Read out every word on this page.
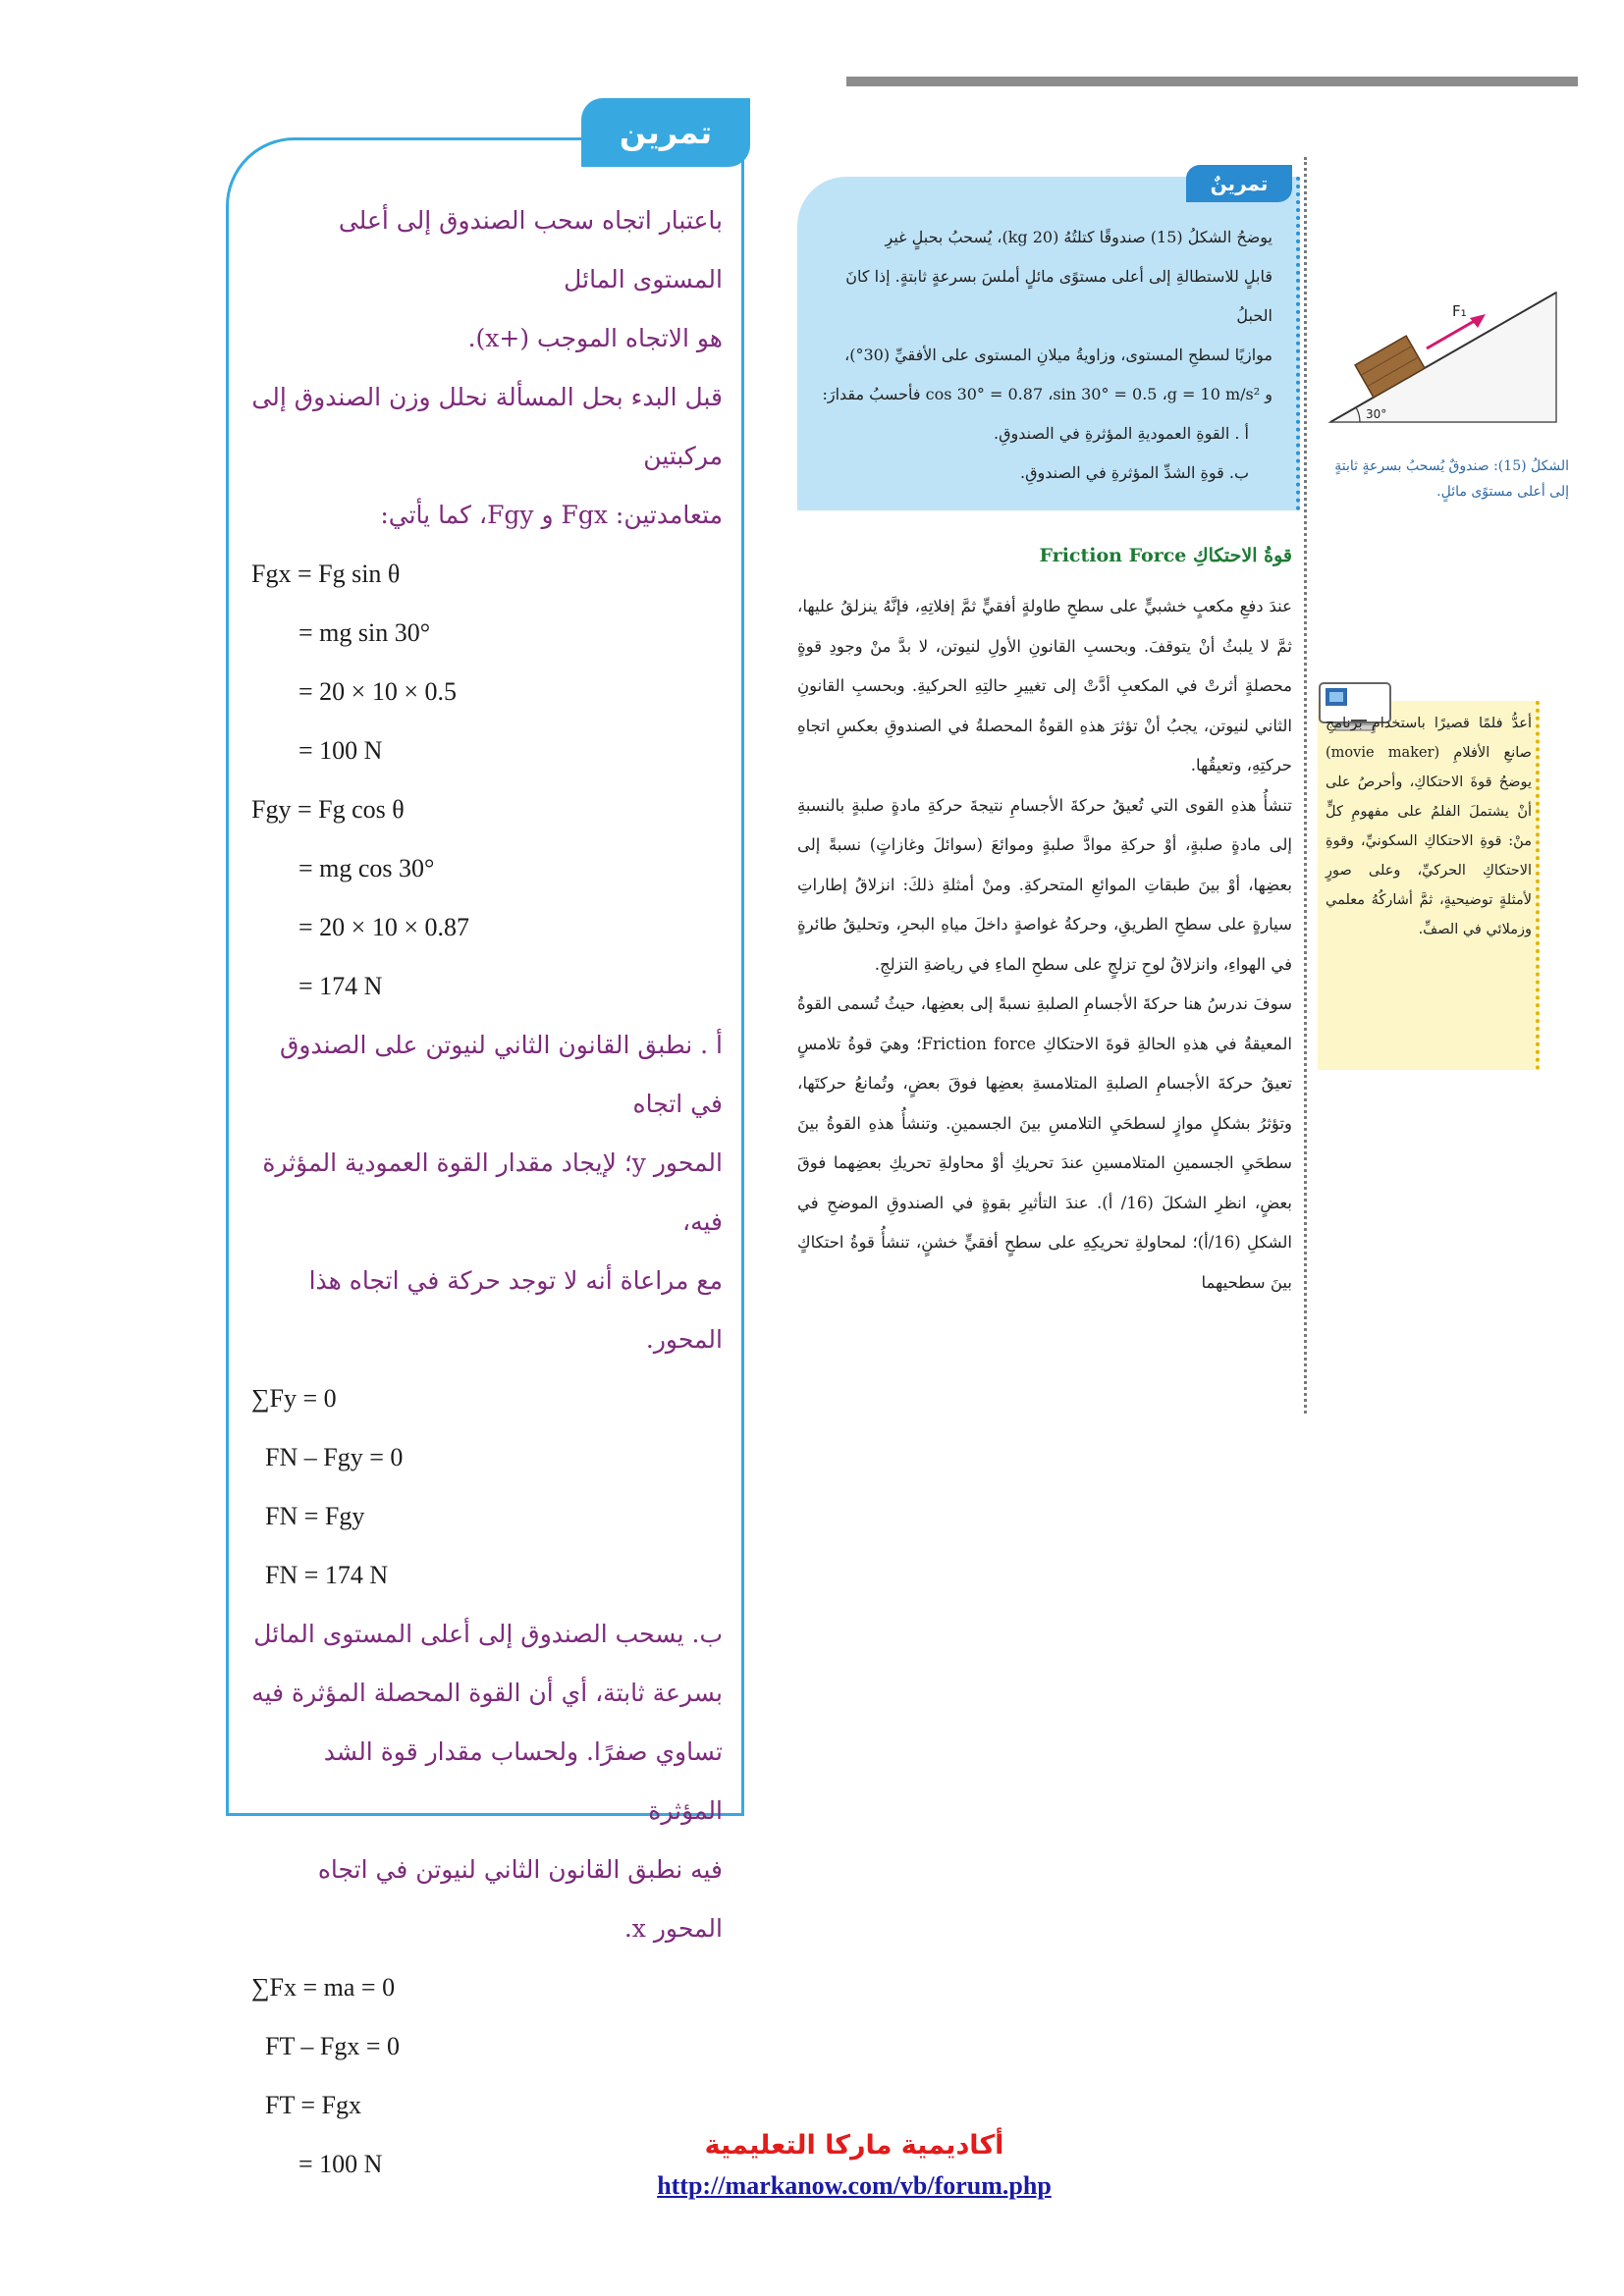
تمرين

باعتبار اتجاه سحب الصندوق إلى أعلى المستوى المائل

هو الاتجاه الموجب (+x).

قبل البدء بحل المسألة نحلل وزن الصندوق إلى مركبتين

متعامدتين: Fgx و Fgy، كما يأتي:

Fgx = Fg sin θ

= mg sin 30°

= 20 × 10 × 0.5

= 100 N

Fgy = Fg cos θ

= mg cos 30°

= 20 × 10 × 0.87

= 174 N

أ . نطبق القانون الثاني لنيوتن على الصندوق في اتجاه

المحور y؛ لإيجاد مقدار القوة العمودية المؤثرة فيه،

مع مراعاة أنه لا توجد حركة في اتجاه هذا المحور.

∑Fy = 0

FN – Fgy = 0

FN = Fgy

FN = 174 N

ب. يسحب الصندوق إلى أعلى المستوى المائل

بسرعة ثابتة، أي أن القوة المحصلة المؤثرة فيه

تساوي صفرًا. ولحساب مقدار قوة الشد المؤثرة

فيه نطبق القانون الثاني لنيوتن في اتجاه المحور x.

∑Fx = ma = 0

FT – Fgx = 0

FT = Fgx

= 100 N

تمرينٌ

يوضحُ الشكلُ (15) صندوقًا كتلتُهُ (20 kg)، يُسحبُ بحبلٍ غيرِ

قابلٍ للاستطالةِ إلى أعلى مستوًى مائلٍ أملسَ بسرعةٍ ثابتةٍ. إذا كانَ الحبلُ

موازيًا لسطحِ المستوى، وزاويةُ ميلانِ المستوى على الأفقيِّ (30°)،

و cos 30° = 0.87 ،sin 30° = 0.5 ،g = 10 m/s² فأحسبُ مقدارَ:

أ . القوةِ العموديةِ المؤثرةِ في الصندوقِ.

ب. قوةِ الشدِّ المؤثرةِ في الصندوقِ.

F₁
30°
الشكلُ (15): صندوقٌ يُسحبُ بسرعةٍ ثابتةٍ إلى أعلى مستوًى مائلٍ.
قوةُ الاحتكاكِ Friction Force

عندَ دفعِ مكعبٍ خشبيٍّ على سطحِ طاولةٍ أفقيٍّ ثمَّ إفلاتِهِ، فإنَّهُ ينزلقُ عليها، ثمَّ لا يلبثُ أنْ يتوقفَ. وبحسبِ القانونِ الأولِ لنيوتن، لا بدَّ منْ وجودِ قوةٍ محصلةٍ أثرتْ في المكعبِ أدَّتْ إلى تغييرِ حالتِهِ الحركيةِ. وبحسبِ القانونِ الثاني لنيوتن، يجبُ أنْ تؤثرَ هذهِ القوةُ المحصلةُ في الصندوقِ بعكسِ اتجاهِ حركتِهِ، وتعيقُها.

تنشأُ هذهِ القوى التي تُعيقُ حركةَ الأجسامِ نتيجةَ حركةِ مادةٍ صلبةٍ بالنسبةِ إلى مادةٍ صلبةٍ، أوْ حركةِ موادَّ صلبةٍ وموائعَ (سوائلَ وغازاتٍ) نسبةً إلى بعضِها، أوْ بينَ طبقاتِ الموائعِ المتحركةِ. ومنْ أمثلةِ ذلكَ: انزلاقُ إطاراتِ سيارةٍ على سطحِ الطريقِ، وحركةُ غواصةٍ داخلَ مياهِ البحرِ، وتحليقُ طائرةٍ في الهواءِ، وانزلاقُ لوحِ تزلجٍ على سطحِ الماءِ في رياضةِ التزلجِ.

سوفَ ندرسُ هنا حركةَ الأجسامِ الصلبةِ نسبةً إلى بعضِها، حيثُ تُسمى القوةُ المعيقةُ في هذهِ الحالةِ قوةَ الاحتكاكِ Friction force؛ وهيَ قوةُ تلامسٍ تعيقُ حركةَ الأجسامِ الصلبةِ المتلامسةِ بعضِها فوقَ بعضٍ، وتُمانعُ حركتَها، وتؤثرُ بشكلٍ موازٍ لسطحَيِ التلامسِ بينَ الجسمينِ. وتنشأُ هذهِ القوةُ بينَ سطحَيِ الجسمينِ المتلامسينِ عندَ تحريكِ أوْ محاولةِ تحريكِ بعضِهما فوقَ بعضٍ، انظرِ الشكلَ (16/ أ). عندَ التأثيرِ بقوةٍ في الصندوقِ الموضحِ في الشكلِ (16/أ)؛ لمحاولةِ تحريكِهِ على سطحٍ أفقيٍّ خشنٍ، تنشأُ قوةُ احتكاكٍ بينَ سطحيهما

أعدُّ فلمًا قصيرًا باستخدامِ برنامجِ صانعِ الأفلامِ (movie maker) يوضحُ قوةَ الاحتكاكِ، وأحرصُ على أنْ يشتملَ الفلمُ على مفهومِ كلٍّ منْ: قوةِ الاحتكاكِ السكونيِّ، وقوةِ الاحتكاكِ الحركيِّ، وعلى صورٍ لأمثلةٍ توضيحيةٍ، ثمَّ أشاركُهُ معلمي وزملائي في الصفِّ.
أكاديمية ماركا التعليمية
http://markanow.com/vb/forum.php
